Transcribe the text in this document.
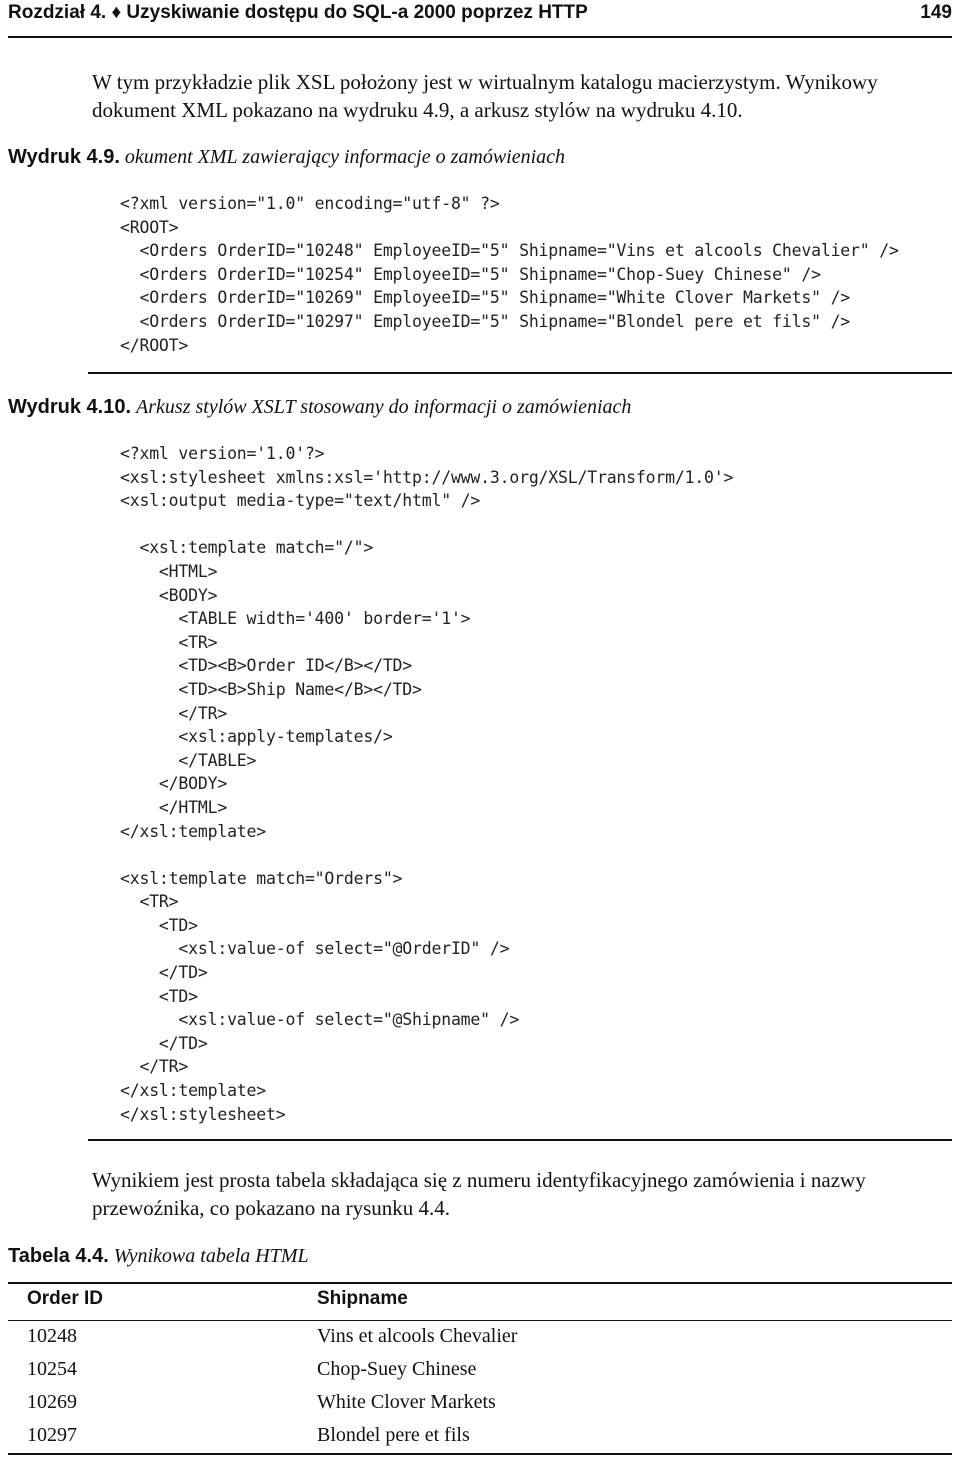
Rozdział 4. ♦ Uzyskiwanie dostępu do SQL-a 2000 poprzez HTTP	149
W tym przykładzie plik XSL położony jest w wirtualnym katalogu macierzystym. Wynikowy dokument XML pokazano na wydruku 4.9, a arkusz stylów na wydruku 4.10.
Wydruk 4.9. okument XML zawierający informacje o zamówieniach
<?xml version="1.0" encoding="utf-8" ?>
<ROOT>
<Orders OrderID="10248" EmployeeID="5" Shipname="Vins et alcools Chevalier" />
<Orders OrderID="10254" EmployeeID="5" Shipname="Chop-Suey Chinese" />
<Orders OrderID="10269" EmployeeID="5" Shipname="White Clover Markets" />
<Orders OrderID="10297" EmployeeID="5" Shipname="Blondel pere et fils" />
</ROOT>
Wydruk 4.10. Arkusz stylów XSLT stosowany do informacji o zamówieniach
<?xml version='1.0'?>
<xsl:stylesheet xmlns:xsl='http://www.3.org/XSL/Transform/1.0'>
<xsl:output media-type="text/html" />

<xsl:template match="/">
<HTML>
<BODY>
<TABLE width='400' border='1'>
<TR>
<TD><B>Order ID</B></TD>
<TD><B>Ship Name</B></TD>
</TR>
<xsl:apply-templates/>
</TABLE>
</BODY>
</HTML>
</xsl:template>

<xsl:template match="Orders">
<TR>
<TD>
<xsl:value-of select="@OrderID" />
</TD>
<TD>
<xsl:value-of select="@Shipname" />
</TD>
</TR>
</xsl:template>
</xsl:stylesheet>
Wynikiem jest prosta tabela składająca się z numeru identyfikacyjnego zamówienia i nazwy przewoźnika, co pokazano na rysunku 4.4.
Tabela 4.4. Wynikowa tabela HTML
Order ID	Shipname
10248	Vins et alcools Chevalier
10254	Chop-Suey Chinese
10269	White Clover Markets
10297	Blondel pere et fils
